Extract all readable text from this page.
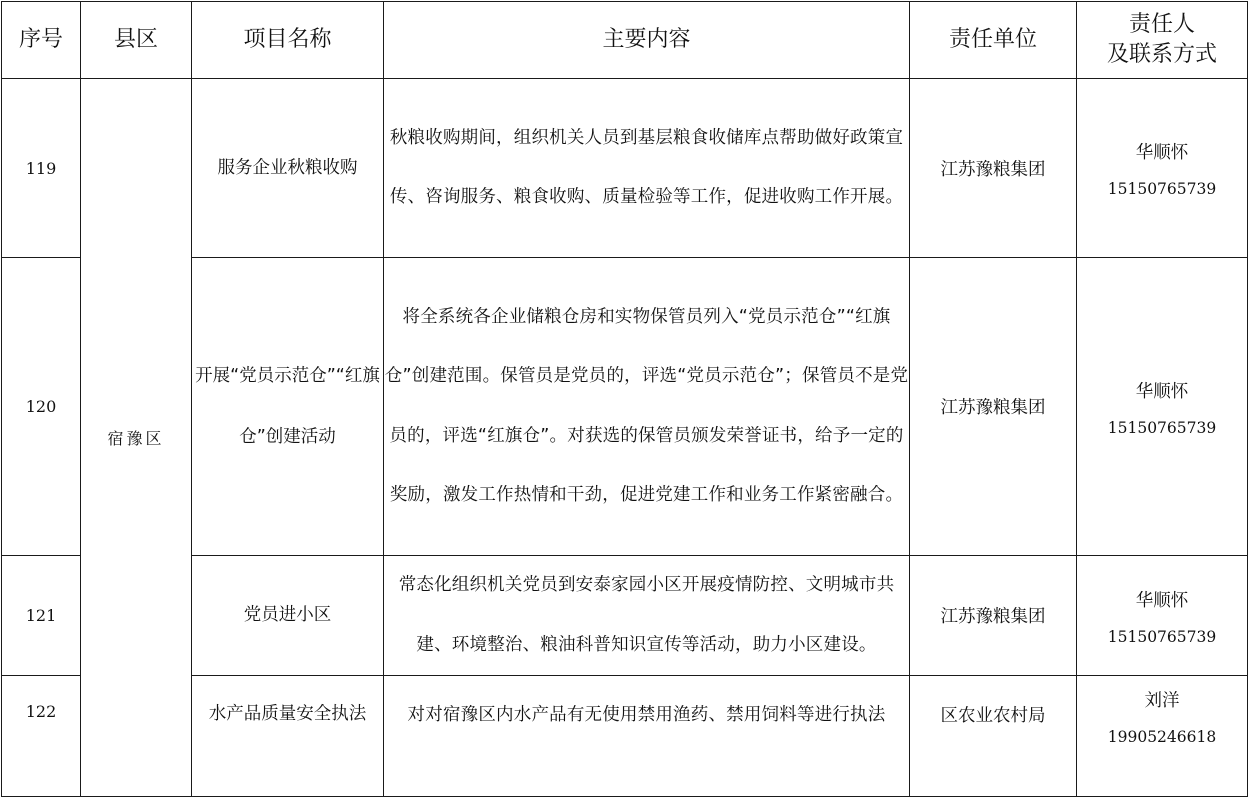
序号	县区	项目名称	主要内容	责任单位	责任人
及联系方式

119	宿豫区	服务企业秋粮收购	秋粮收购期间，组织机关人员到基层粮食收储库点帮助做好政策宣传、咨询服务、粮食收购、质量检验等工作，促进收购工作开展。	江苏豫粮集团	华顺怀
15150765739

120		开展“党员示范仓”“红旗仓”创建活动	将全系统各企业储粮仓房和实物保管员列入“党员示范仓”“红旗仓”创建范围。保管员是党员的，评选“党员示范仓”；保管员不是党员的，评选“红旗仓”。对获选的保管员颁发荣誉证书，给予一定的奖励，激发工作热情和干劲，促进党建工作和业务工作紧密融合。	江苏豫粮集团	华顺怀
15150765739

121		党员进小区	常态化组织机关党员到安泰家园小区开展疫情防控、文明城市共建、环境整治、粮油科普知识宣传等活动，助力小区建设。	江苏豫粮集团	华顺怀
15150765739

122		水产品质量安全执法	对对宿豫区内水产品有无使用禁用渔药、禁用饲料等进行执法	区农业农村局	刘洋
19905246618
